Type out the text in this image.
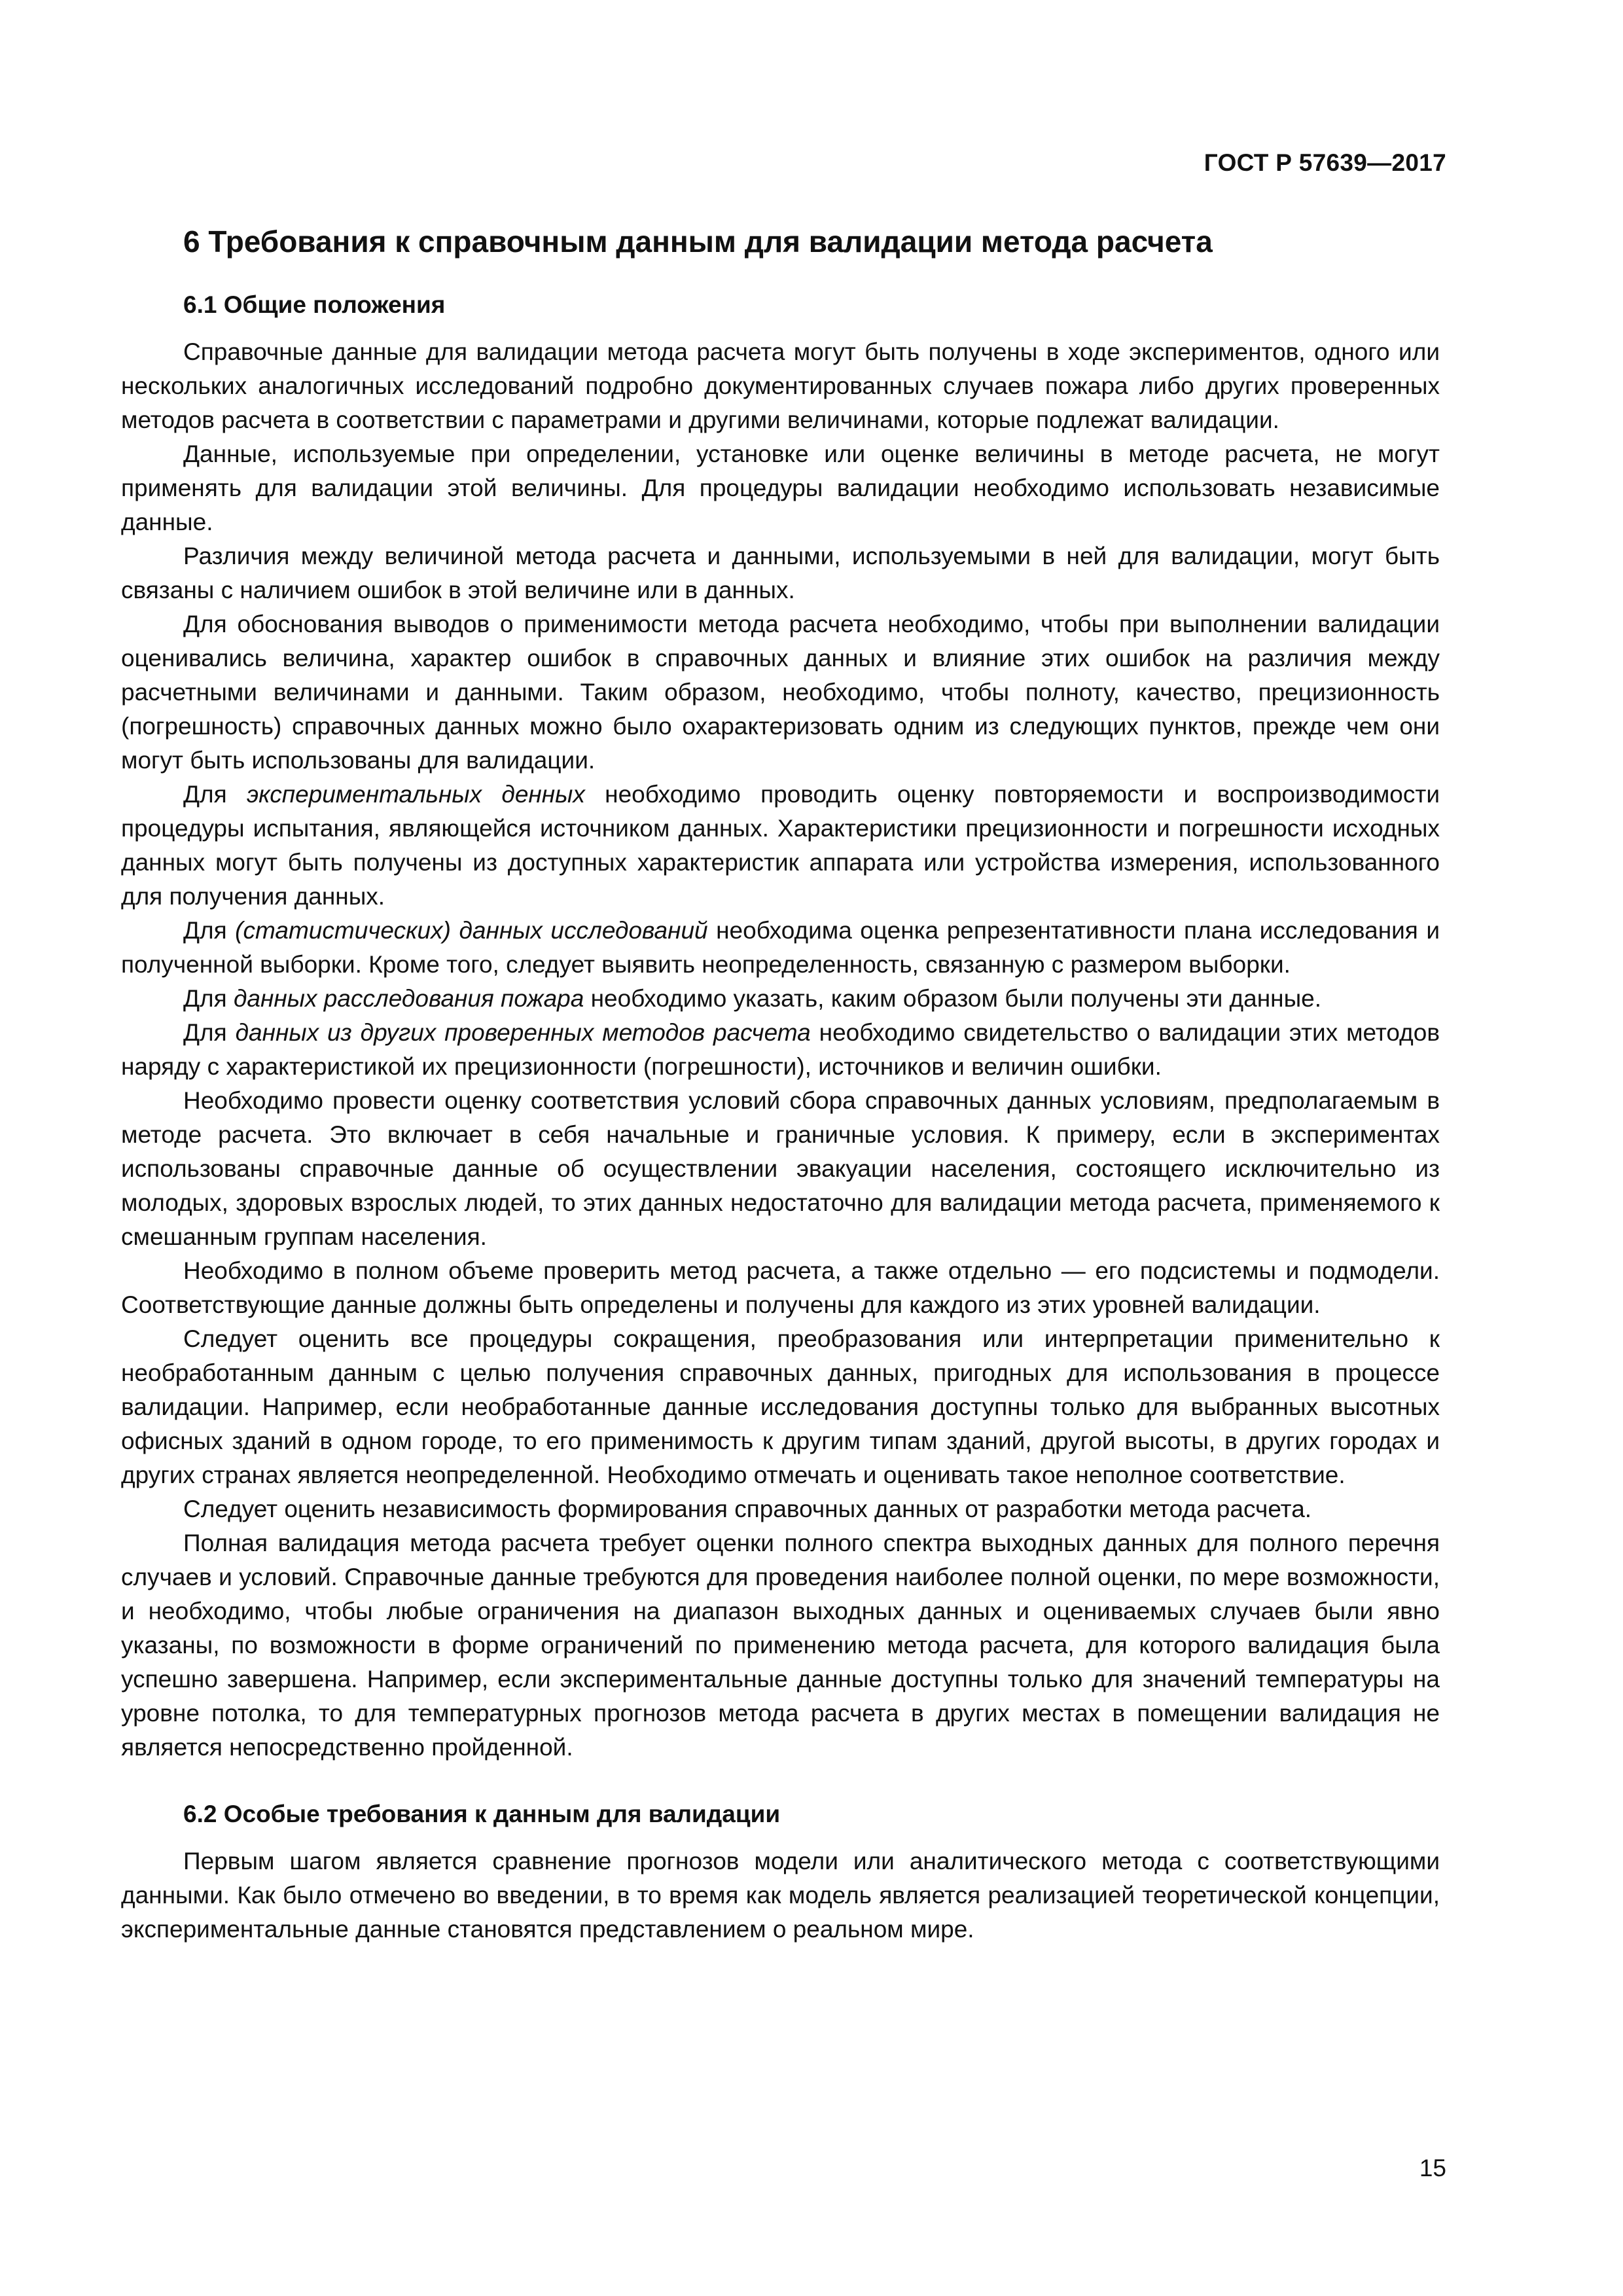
ГОСТ Р 57639—2017
6 Требования к справочным данным для валидации метода расчета
6.1 Общие положения

Справочные данные для валидации метода расчета могут быть получены в ходе экспериментов, одного или нескольких аналогичных исследований подробно документированных случаев пожара либо других проверенных методов расчета в соответствии с параметрами и другими величинами, которые подлежат валидации.

Данные, используемые при определении, установке или оценке величины в методе расчета, не могут применять для валидации этой величины. Для процедуры валидации необходимо использовать независимые данные.

Различия между величиной метода расчета и данными, используемыми в ней для валидации, могут быть связаны с наличием ошибок в этой величине или в данных.

Для обоснования выводов о применимости метода расчета необходимо, чтобы при выполнении валидации оценивались величина, характер ошибок в справочных данных и влияние этих ошибок на различия между расчетными величинами и данными. Таким образом, необходимо, чтобы полноту, качество, прецизионность (погрешность) справочных данных можно было охарактеризовать одним из следующих пунктов, прежде чем они могут быть использованы для валидации.

Для экспериментальных денных необходимо проводить оценку повторяемости и воспроизводимости процедуры испытания, являющейся источником данных. Характеристики прецизионности и погрешности исходных данных могут быть получены из доступных характеристик аппарата или устройства измерения, использованного для получения данных.

Для (статистических) данных исследований необходима оценка репрезентативности плана исследования и полученной выборки. Кроме того, следует выявить неопределенность, связанную с размером выборки.

Для данных расследования пожара необходимо указать, каким образом были получены эти данные.

Для данных из других проверенных методов расчета необходимо свидетельство о валидации этих методов наряду с характеристикой их прецизионности (погрешности), источников и величин ошибки.

Необходимо провести оценку соответствия условий сбора справочных данных условиям, предполагаемым в методе расчета. Это включает в себя начальные и граничные условия. К примеру, если в экспериментах использованы справочные данные об осуществлении эвакуации населения, состоящего исключительно из молодых, здоровых взрослых людей, то этих данных недостаточно для валидации метода расчета, применяемого к смешанным группам населения.

Необходимо в полном объеме проверить метод расчета, а также отдельно — его подсистемы и подмодели. Соответствующие данные должны быть определены и получены для каждого из этих уровней валидации.

Следует оценить все процедуры сокращения, преобразования или интерпретации применительно к необработанным данным с целью получения справочных данных, пригодных для использования в процессе валидации. Например, если необработанные данные исследования доступны только для выбранных высотных офисных зданий в одном городе, то его применимость к другим типам зданий, другой высоты, в других городах и других странах является неопределенной. Необходимо отмечать и оценивать такое неполное соответствие.

Следует оценить независимость формирования справочных данных от разработки метода расчета.

Полная валидация метода расчета требует оценки полного спектра выходных данных для полного перечня случаев и условий. Справочные данные требуются для проведения наиболее полной оценки, по мере возможности, и необходимо, чтобы любые ограничения на диапазон выходных данных и оцениваемых случаев были явно указаны, по возможности в форме ограничений по применению метода расчета, для которого валидация была успешно завершена. Например, если экспериментальные данные доступны только для значений температуры на уровне потолка, то для температурных прогнозов метода расчета в других местах в помещении валидация не является непосредственно пройденной.

6.2 Особые требования к данным для валидации

Первым шагом является сравнение прогнозов модели или аналитического метода с соответствующими данными. Как было отмечено во введении, в то время как модель является реализацией теоретической концепции, экспериментальные данные становятся представлением о реальном мире.

15
